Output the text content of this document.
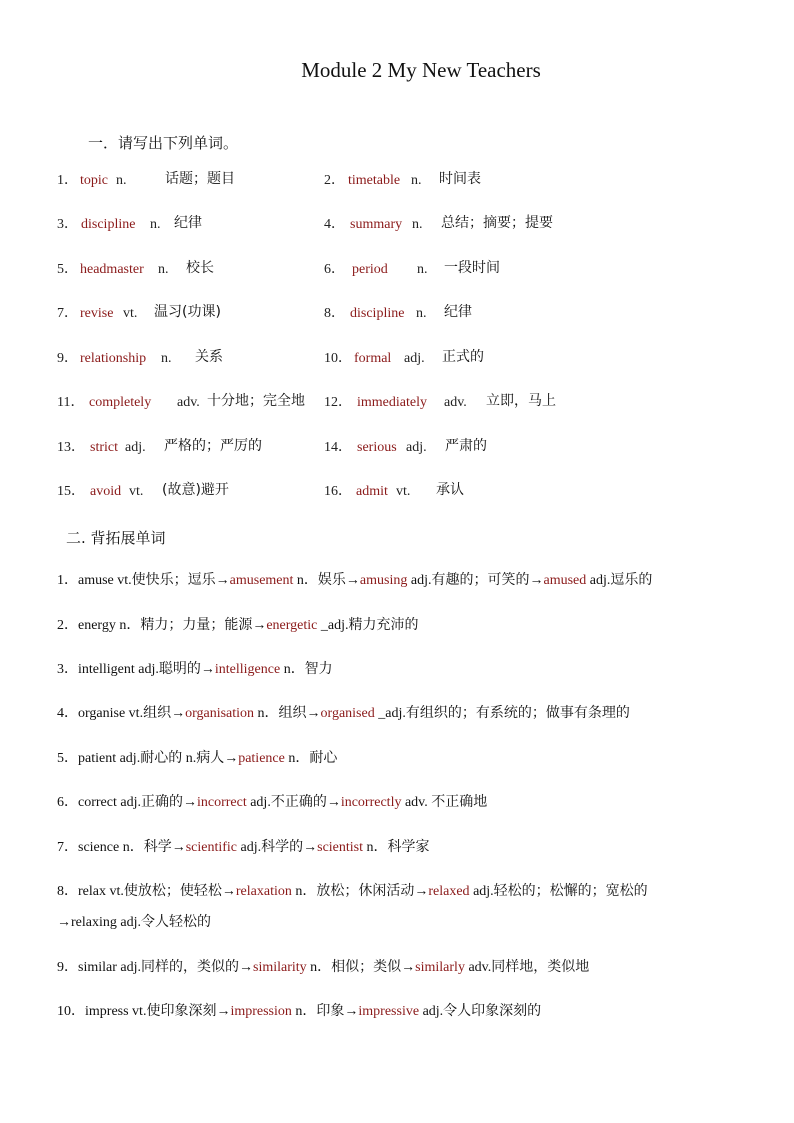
Module 2 My New Teachers
一．请写出下列单词。
1． topic n.	话题；题目	2． timetable n. 时间表
3． discipline n. 纪律	4． summary n. 总结；摘要；提要
5． headmaster n. 校长	6． period n. 一段时间
7． revise vt. 温习(功课)	8． discipline n. 纪律
9． relationship n. 关系	10． formal adj. 正式的
11． completely adv. 十分地；完全地 12． immediately adv. 立即，马上
13． strict adj. 严格的；严厉的	14． serious adj. 严肃的
15． avoid vt. (故意)避开	16． admit vt. 承认
二. 背拓展单词
1．amuse vt.使快乐；逗乐→amusement n．娱乐→amusing adj.有趣的；可笑的→amused adj.逗乐的
2．energy n．精力；力量；能源→energetic _adj.精力充沛的
3．intelligent adj.聪明的→intelligence n．智力
4．organise vt.组织→organisation n．组织→organised _adj.有组织的；有系统的；做事有条理的
5．patient adj.耐心的 n.病人→patience n．耐心
6．correct adj.正确的→incorrect adj.不正确的→incorrectly adv. 不正确地
7．science n．科学→scientific adj.科学的→scientist n．科学家
8．relax vt.使放松；使轻松→relaxation n．放松；休闲活动→relaxed adj.轻松的；松懈的；宽松的
→relaxing adj.令人轻松的
9．similar adj.同样的，类似的→similarity n．相似；类似→similarly adv.同样地，类似地
10．impress vt.使印象深刻→impression n．印象→impressive adj.令人印象深刻的
